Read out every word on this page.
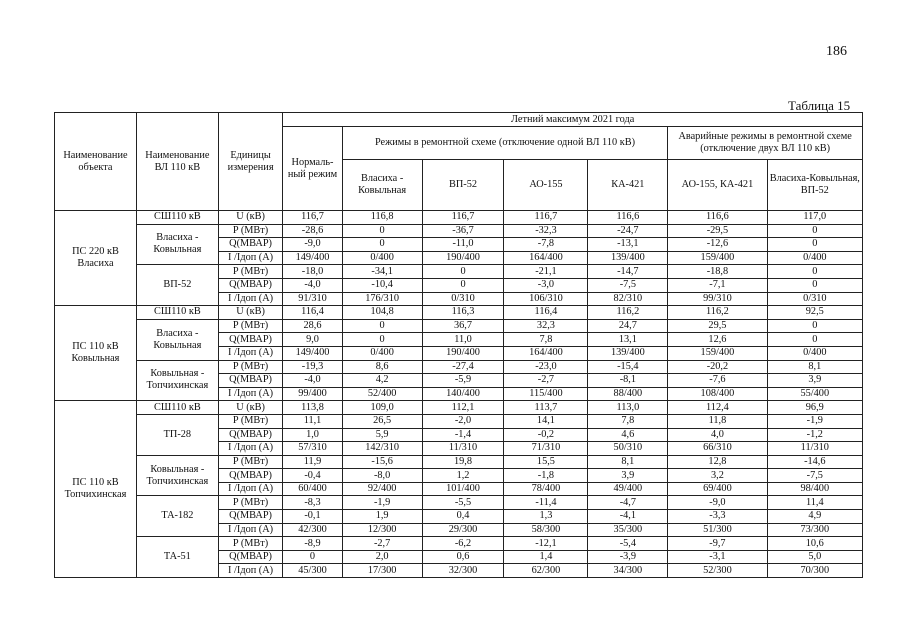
186
Таблица 15
Наименование объекта	Наименование ВЛ 110 кВ	Единицы измерения	Летний максимум 2021 года						
			Нормаль-ный режим	Режимы в ремонтной схеме (отключение одной ВЛ 110 кВ)				Аварийные режимы в ремонтной схеме (отключение двух ВЛ 110 кВ)	
				Власиха - Ковыльная	ВП-52	АО-155	КА-421	АО-155, КА-421	Власиха-Ковыльная, ВП-52
ПС 220 кВ Власиха	СШ110 кВ	U (кВ)	116,7	116,8	116,7	116,7	116,6	116,6	117,0
	Власиха - Ковыльная	P (МВт)	-28,6	0	-36,7	-32,3	-24,7	-29,5	0
		Q(МВАР)	-9,0	0	-11,0	-7,8	-13,1	-12,6	0
		I /Iдоп (А)	149/400	0/400	190/400	164/400	139/400	159/400	0/400
	ВП-52	P (МВт)	-18,0	-34,1	0	-21,1	-14,7	-18,8	0
		Q(МВАР)	-4,0	-10,4	0	-3,0	-7,5	-7,1	0
		I /Iдоп (А)	91/310	176/310	0/310	106/310	82/310	99/310	0/310
ПС 110 кВ Ковыльная	СШ110 кВ	U (кВ)	116,4	104,8	116,3	116,4	116,2	116,2	92,5
	Власиха - Ковыльная	P (МВт)	28,6	0	36,7	32,3	24,7	29,5	0
		Q(МВАР)	9,0	0	11,0	7,8	13,1	12,6	0
		I /Iдоп (А)	149/400	0/400	190/400	164/400	139/400	159/400	0/400
	Ковыльная - Топчихинская	P (МВт)	-19,3	8,6	-27,4	-23,0	-15,4	-20,2	8,1
		Q(МВАР)	-4,0	4,2	-5,9	-2,7	-8,1	-7,6	3,9
		I /Iдоп (А)	99/400	52/400	140/400	115/400	88/400	108/400	55/400
ПС 110 кВ Топчихинская	СШ110 кВ	U (кВ)	113,8	109,0	112,1	113,7	113,0	112,4	96,9
	ТП-28	P (МВт)	11,1	26,5	-2,0	14,1	7,8	11,8	-1,9
		Q(МВАР)	1,0	5,9	-1,4	-0,2	4,6	4,0	-1,2
		I /Iдоп (А)	57/310	142/310	11/310	71/310	50/310	66/310	11/310
	Ковыльная - Топчихинская	P (МВт)	11,9	-15,6	19,8	15,5	8,1	12,8	-14,6
		Q(МВАР)	-0,4	-8,0	1,2	-1,8	3,9	3,2	-7,5
		I /Iдоп (А)	60/400	92/400	101/400	78/400	49/400	69/400	98/400
	ТА-182	P (МВт)	-8,3	-1,9	-5,5	-11,4	-4,7	-9,0	11,4
		Q(МВАР)	-0,1	1,9	0,4	1,3	-4,1	-3,3	4,9
		I /Iдоп (А)	42/300	12/300	29/300	58/300	35/300	51/300	73/300
	ТА-51	P (МВт)	-8,9	-2,7	-6,2	-12,1	-5,4	-9,7	10,6
		Q(МВАР)	0	2,0	0,6	1,4	-3,9	-3,1	5,0
		I /Iдоп (А)	45/300	17/300	32/300	62/300	34/300	52/300	70/300
